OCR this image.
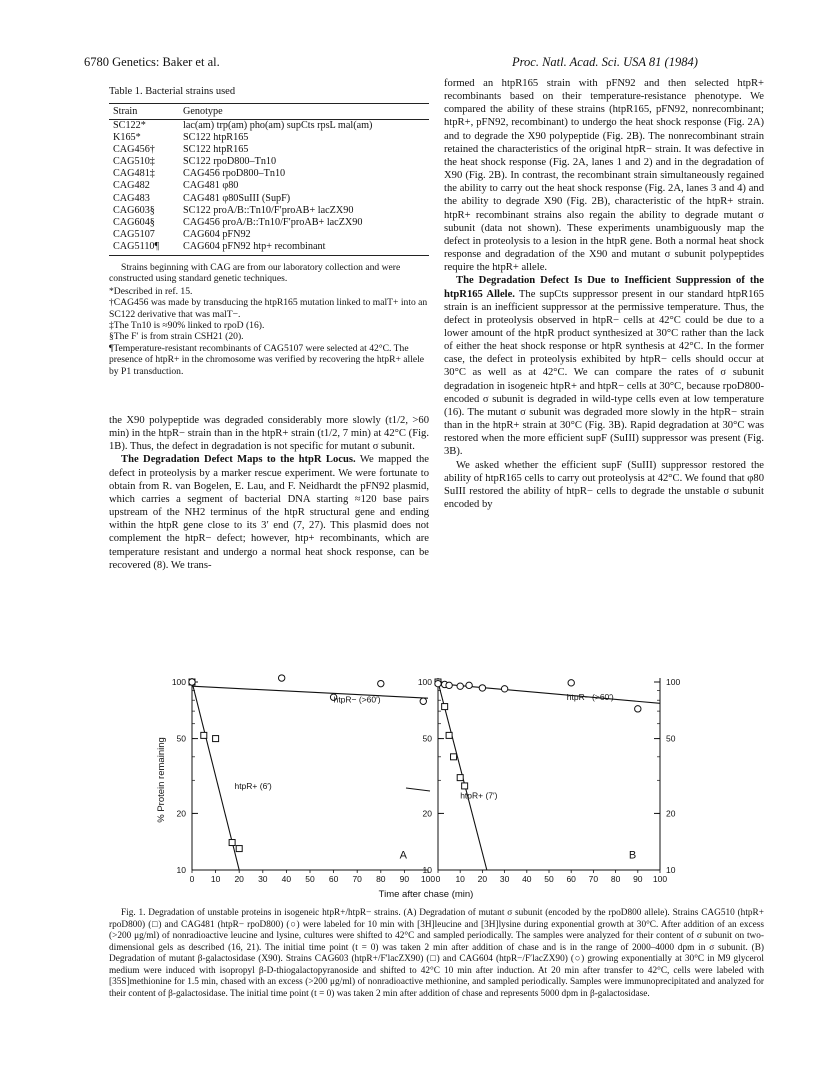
6780 Genetics: Baker et al.	Proc. Natl. Acad. Sci. USA 81 (1984)
Table 1. Bacterial strains used
Strain	Genotype
SC122*	lac(am) trp(am) pho(am) supCts rpsL mal(am)
K165*	SC122 htpR165
CAG456†	SC122 htpR165
CAG510‡	SC122 rpoD800–Tn10
CAG481‡	CAG456 rpoD800–Tn10
CAG482	CAG481 φ80
CAG483	CAG481 φ80SuIII (SupF)
CAG603§	SC122 proA/B::Tn10/F′proAB+ lacZX90
CAG604§	CAG456 proA/B::Tn10/F′proAB+ lacZX90
CAG5107	CAG604 pFN92
CAG5110¶	CAG604 pFN92 htp+ recombinant

Strains beginning with CAG are from our laboratory collection and were constructed using standard genetic techniques.

*Described in ref. 15.

†CAG456 was made by transducing the htpR165 mutation linked to malT+ into an SC122 derivative that was malT−.

‡The Tn10 is ≈90% linked to rpoD (16).

§The F′ is from strain CSH21 (20).

¶Temperature-resistant recombinants of CAG5107 were selected at 42°C. The presence of htpR+ in the chromosome was verified by recovering the htpR+ allele by P1 transduction.

the X90 polypeptide was degraded considerably more slowly (t1/2, >60 min) in the htpR− strain than in the htpR+ strain (t1/2, 7 min) at 42°C (Fig. 1B). Thus, the defect in degradation is not specific for mutant σ subunit.

The Degradation Defect Maps to the htpR Locus. We mapped the defect in proteolysis by a marker rescue experiment. We were fortunate to obtain from R. van Bogelen, E. Lau, and F. Neidhardt the pFN92 plasmid, which carries a segment of bacterial DNA starting ≈120 base pairs upstream of the NH2 terminus of the htpR structural gene and ending within the htpR gene close to its 3′ end (7, 27). This plasmid does not complement the htpR− defect; however, htp+ recombinants, which are temperature resistant and undergo a normal heat shock response, can be recovered (8). We trans-

formed an htpR165 strain with pFN92 and then selected htpR+ recombinants based on their temperature-resistance phenotype. We compared the ability of these strains (htpR165, pFN92, nonrecombinant; htpR+, pFN92, recombinant) to undergo the heat shock response (Fig. 2A) and to degrade the X90 polypeptide (Fig. 2B). The nonrecombinant strain retained the characteristics of the original htpR− strain. It was defective in the heat shock response (Fig. 2A, lanes 1 and 2) and in the degradation of X90 (Fig. 2B). In contrast, the recombinant strain simultaneously regained the ability to carry out the heat shock response (Fig. 2A, lanes 3 and 4) and the ability to degrade X90 (Fig. 2B), characteristic of the htpR+ strain. htpR+ recombinant strains also regain the ability to degrade mutant σ subunit (data not shown). These experiments unambiguously map the defect in proteolysis to a lesion in the htpR gene. Both a normal heat shock response and degradation of the X90 and mutant σ subunit polypeptides require the htpR+ allele.

The Degradation Defect Is Due to Inefficient Suppression of the htpR165 Allele. The supCts suppressor present in our standard htpR165 strain is an inefficient suppressor at the permissive temperature. Thus, the defect in proteolysis observed in htpR− cells at 42°C could be due to a lower amount of the htpR product synthesized at 30°C rather than the lack of either the heat shock response or htpR synthesis at 42°C. In the former case, the defect in proteolysis exhibited by htpR− cells should occur at 30°C as well as at 42°C. We can compare the rates of σ subunit degradation in isogeneic htpR+ and htpR− cells at 30°C, because rpoD800-encoded σ subunit is degraded in wild-type cells even at low temperature (16). The mutant σ subunit was degraded more slowly in the htpR− strain than in the htpR+ strain at 30°C (Fig. 3B). Rapid degradation at 30°C was restored when the more efficient supF (SuIII) suppressor was present (Fig. 3B).

We asked whether the efficient supF (SuIII) suppressor restored the ability of htpR165 cells to carry out proteolysis at 42°C. We found that φ80 SuIII restored the ability of htpR− cells to degrade the unstable σ subunit encoded by

0 10 20 30 40 50 60 70 80 90 100
10
20
50
100
htpR+ (6′)
htpR− (>60′)
A
0 10 20 30 40 50 60 70 80 90 100
10	10
20	20
50	50
100	100
htpR+ (7′)
htpR− (>60′)
B
% Protein remaining
Time after chase (min)

Fig. 1. Degradation of unstable proteins in isogeneic htpR+/htpR− strains. (A) Degradation of mutant σ subunit (encoded by the rpoD800 allele). Strains CAG510 (htpR+ rpoD800) (□) and CAG481 (htpR− rpoD800) (○) were labeled for 10 min with [3H]leucine and [3H]lysine during exponential growth at 30°C. After addition of an excess (>200 μg/ml) of nonradioactive leucine and lysine, cultures were shifted to 42°C and sampled periodically. The samples were analyzed for their content of σ subunit on two-dimensional gels as described (16, 21). The initial time point (t = 0) was taken 2 min after addition of chase and is in the range of 2000–4000 dpm in σ subunit. (B) Degradation of mutant β-galactosidase (X90). Strains CAG603 (htpR+/F′lacZX90) (□) and CAG604 (htpR−/F′lacZX90) (○) growing exponentially at 30°C in M9 glycerol medium were induced with isopropyl β-D-thiogalactopyranoside and shifted to 42°C 10 min after induction. At 20 min after transfer to 42°C, cells were labeled with [35S]methionine for 1.5 min, chased with an excess (>200 μg/ml) of nonradioactive methionine, and sampled periodically. Samples were immunoprecipitated and analyzed for their content of β-galactosidase. The initial time point (t = 0) was taken 2 min after addition of chase and represents 5000 dpm in β-galactosidase.
